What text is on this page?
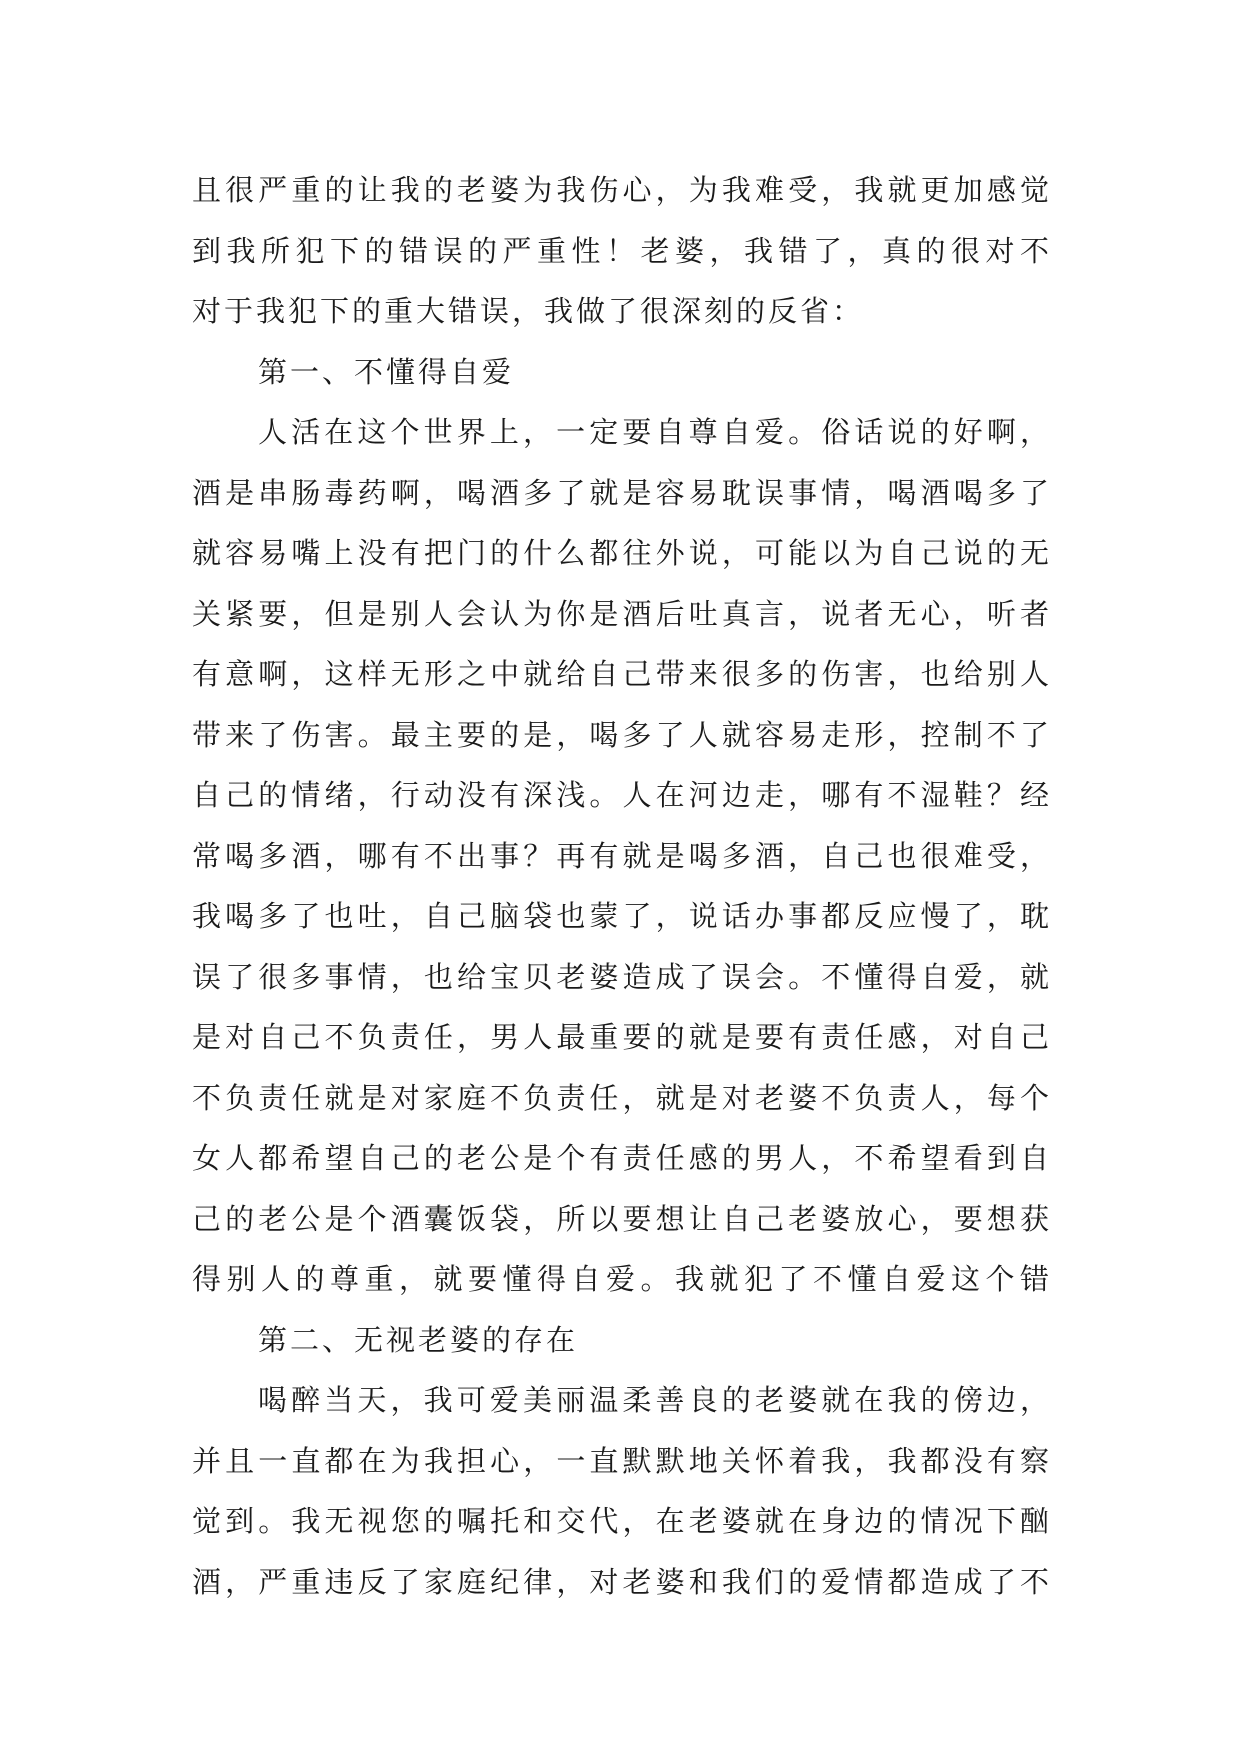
且很严重的让我的老婆为我伤心，为我难受，我就更加感觉
到我所犯下的错误的严重性！老婆，我错了，真的很对不
对于我犯下的重大错误，我做了很深刻的反省：
第一、不懂得自爱
人活在这个世界上，一定要自尊自爱。俗话说的好啊，
酒是串肠毒药啊，喝酒多了就是容易耽误事情，喝酒喝多了
就容易嘴上没有把门的什么都往外说，可能以为自己说的无
关紧要，但是别人会认为你是酒后吐真言，说者无心，听者
有意啊，这样无形之中就给自己带来很多的伤害，也给别人
带来了伤害。最主要的是，喝多了人就容易走形，控制不了
自己的情绪，行动没有深浅。人在河边走，哪有不湿鞋？经
常喝多酒，哪有不出事？再有就是喝多酒，自己也很难受，
我喝多了也吐，自己脑袋也蒙了，说话办事都反应慢了，耽
误了很多事情，也给宝贝老婆造成了误会。不懂得自爱，就
是对自己不负责任，男人最重要的就是要有责任感，对自己
不负责任就是对家庭不负责任，就是对老婆不负责人，每个
女人都希望自己的老公是个有责任感的男人，不希望看到自
己的老公是个酒囊饭袋，所以要想让自己老婆放心，要想获
得别人的尊重，就要懂得自爱。我就犯了不懂自爱这个错
第二、无视老婆的存在
喝醉当天，我可爱美丽温柔善良的老婆就在我的傍边，
并且一直都在为我担心，一直默默地关怀着我，我都没有察
觉到。我无视您的嘱托和交代，在老婆就在身边的情况下酗
酒，严重违反了家庭纪律，对老婆和我们的爱情都造成了不
